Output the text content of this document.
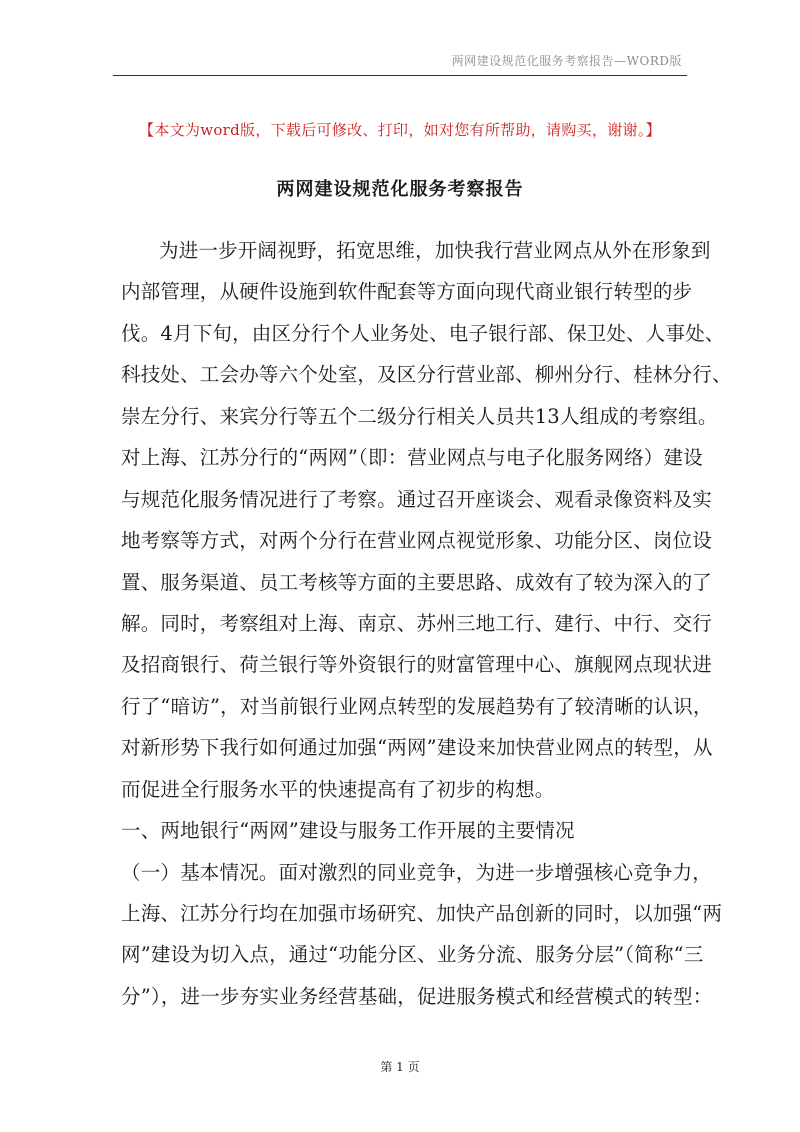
两网建设规范化服务考察报告—WORD版
【本文为word版，下载后可修改、打印，如对您有所帮助，请购买，谢谢。】
两网建设规范化服务考察报告
为进一步开阔视野，拓宽思维，加快我行营业网点从外在形象到
内部管理，从硬件设施到软件配套等方面向现代商业银行转型的步
伐。4月下旬，由区分行个人业务处、电子银行部、保卫处、人事处、
科技处、工会办等六个处室，及区分行营业部、柳州分行、桂林分行、
崇左分行、来宾分行等五个二级分行相关人员共13人组成的考察组。
对上海、江苏分行的“两网”（即：营业网点与电子化服务网络）建设
与规范化服务情况进行了考察。通过召开座谈会、观看录像资料及实
地考察等方式，对两个分行在营业网点视觉形象、功能分区、岗位设
置、服务渠道、员工考核等方面的主要思路、成效有了较为深入的了
解。同时，考察组对上海、南京、苏州三地工行、建行、中行、交行
及招商银行、荷兰银行等外资银行的财富管理中心、旗舰网点现状进
行了“暗访”，对当前银行业网点转型的发展趋势有了较清晰的认识，
对新形势下我行如何通过加强“两网”建设来加快营业网点的转型，从
而促进全行服务水平的快速提高有了初步的构想。
一、两地银行“两网”建设与服务工作开展的主要情况
（一）基本情况。面对激烈的同业竞争，为进一步增强核心竞争力，
上海、江苏分行均在加强市场研究、加快产品创新的同时，以加强“两
网”建设为切入点，通过“功能分区、业务分流、服务分层”（简称“三
分”），进一步夯实业务经营基础，促进服务模式和经营模式的转型：
第 1 页
